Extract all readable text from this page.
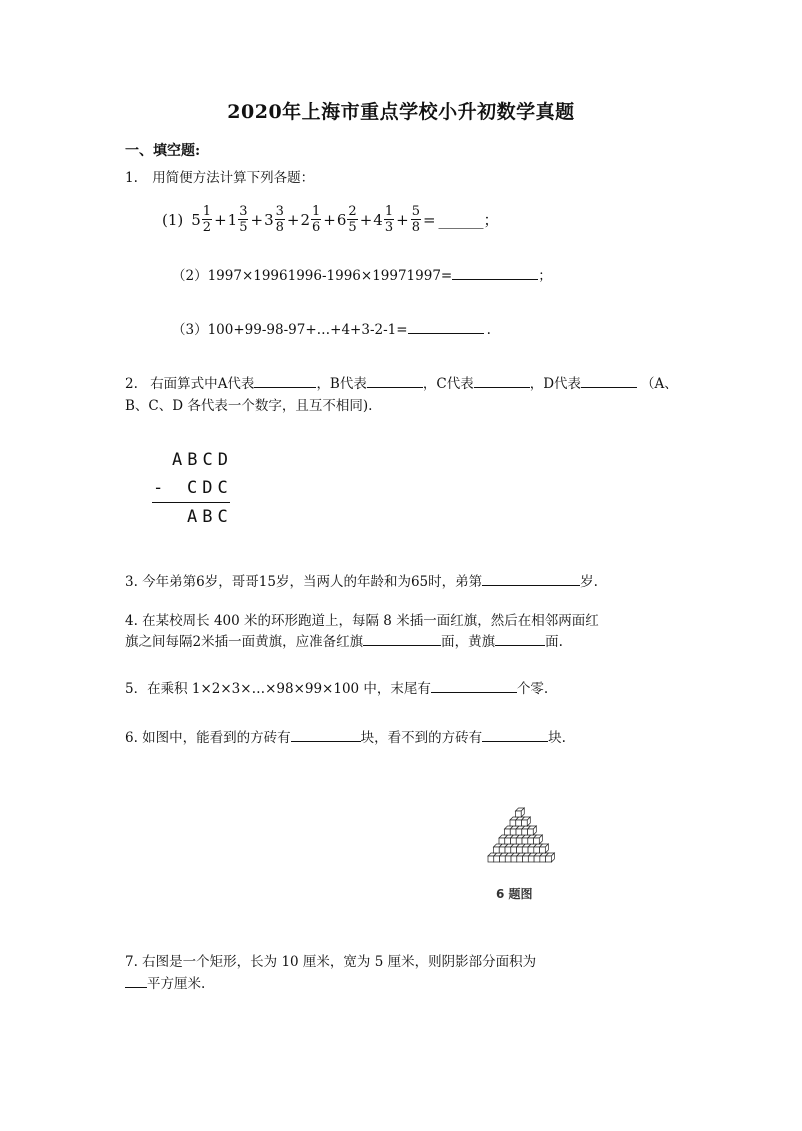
2020年上海市重点学校小升初数学真题
一、填空题:
1. 用简便方法计算下列各题：
(1) $5 \frac{1}{2} + 1 \frac{3}{5} + 3 \frac{3}{8} + 2 \frac{1}{6} + 6 \frac{2}{5} + 4 \frac{1}{3} + \frac{5}{8}$ = ______；
（2）1997×19961996-1996×19971997=	；
（3）100+99-98-97+…+4+3-2-1=	.
2. 右面算式中A代表	，B代表	，C代表	，D代表	（A、
B、C、D 各代表一个数字，且互不相同).
ABCD
- CDC
ABC
3. 今年弟第6岁，哥哥15岁，当两人的年龄和为65时，弟第	岁.
4. 在某校周长 400 米的环形跑道上，每隔 8 米插一面红旗，然后在相邻两面红
旗之间每隔2米插一面黄旗，应准备红旗	面，黄旗	面.
5．在乘积 1×2×3×…×98×99×100 中，末尾有	个零.
6. 如图中，能看到的方砖有	块，看不到的方砖有	块.
6 题图
7. 右图是一个矩形，长为 10 厘米，宽为 5 厘米，则阴影部分面积为
平方厘米.
